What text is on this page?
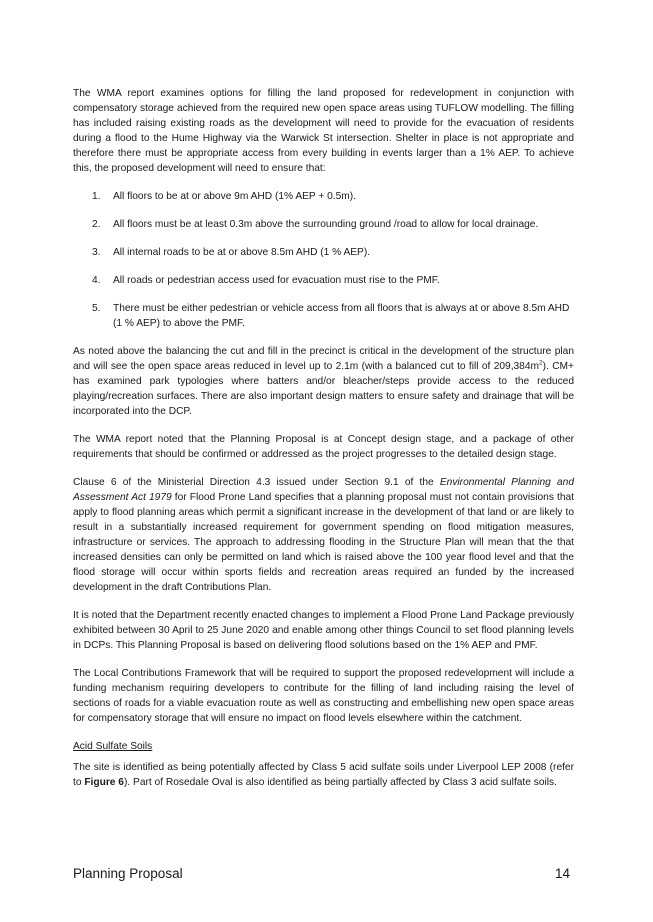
The WMA report examines options for filling the land proposed for redevelopment in conjunction with compensatory storage achieved from the required new open space areas using TUFLOW modelling. The filling has included raising existing roads as the development will need to provide for the evacuation of residents during a flood to the Hume Highway via the Warwick St intersection. Shelter in place is not appropriate and therefore there must be appropriate access from every building in events larger than a 1% AEP. To achieve this, the proposed development will need to ensure that:

1. All floors to be at or above 9m AHD (1% AEP + 0.5m).
2. All floors must be at least 0.3m above the surrounding ground /road to allow for local drainage.
3. All internal roads to be at or above 8.5m AHD (1 % AEP).
4. All roads or pedestrian access used for evacuation must rise to the PMF.
5. There must be either pedestrian or vehicle access from all floors that is always at or above 8.5m AHD (1 % AEP) to above the PMF.

As noted above the balancing the cut and fill in the precinct is critical in the development of the structure plan and will see the open space areas reduced in level up to 2.1m (with a balanced cut to fill of $209,384m^2$). CM+ has examined park typologies where batters and/or bleacher/steps provide access to the reduced playing/recreation surfaces. There are also important design matters to ensure safety and drainage that will be incorporated into the DCP.

The WMA report noted that the Planning Proposal is at Concept design stage, and a package of other requirements that should be confirmed or addressed as the project progresses to the detailed design stage.

Clause 6 of the Ministerial Direction 4.3 issued under Section 9.1 of the Environmental Planning and Assessment Act 1979 for Flood Prone Land specifies that a planning proposal must not contain provisions that apply to flood planning areas which permit a significant increase in the development of that land or are likely to result in a substantially increased requirement for government spending on flood mitigation measures, infrastructure or services. The approach to addressing flooding in the Structure Plan will mean that the that increased densities can only be permitted on land which is raised above the 100 year flood level and that the flood storage will occur within sports fields and recreation areas required an funded by the increased development in the draft Contributions Plan.

It is noted that the Department recently enacted changes to implement a Flood Prone Land Package previously exhibited between 30 April to 25 June 2020 and enable among other things Council to set flood planning levels in DCPs. This Planning Proposal is based on delivering flood solutions based on the 1% AEP and PMF.

The Local Contributions Framework that will be required to support the proposed redevelopment will include a funding mechanism requiring developers to contribute for the filling of land including raising the level of sections of roads for a viable evacuation route as well as constructing and embellishing new open space areas for compensatory storage that will ensure no impact on flood levels elsewhere within the catchment.

Acid Sulfate Soils

The site is identified as being potentially affected by Class 5 acid sulfate soils under Liverpool LEP 2008 (refer to Figure 6). Part of Rosedale Oval is also identified as being partially affected by Class 3 acid sulfate soils.

Planning Proposal	14
